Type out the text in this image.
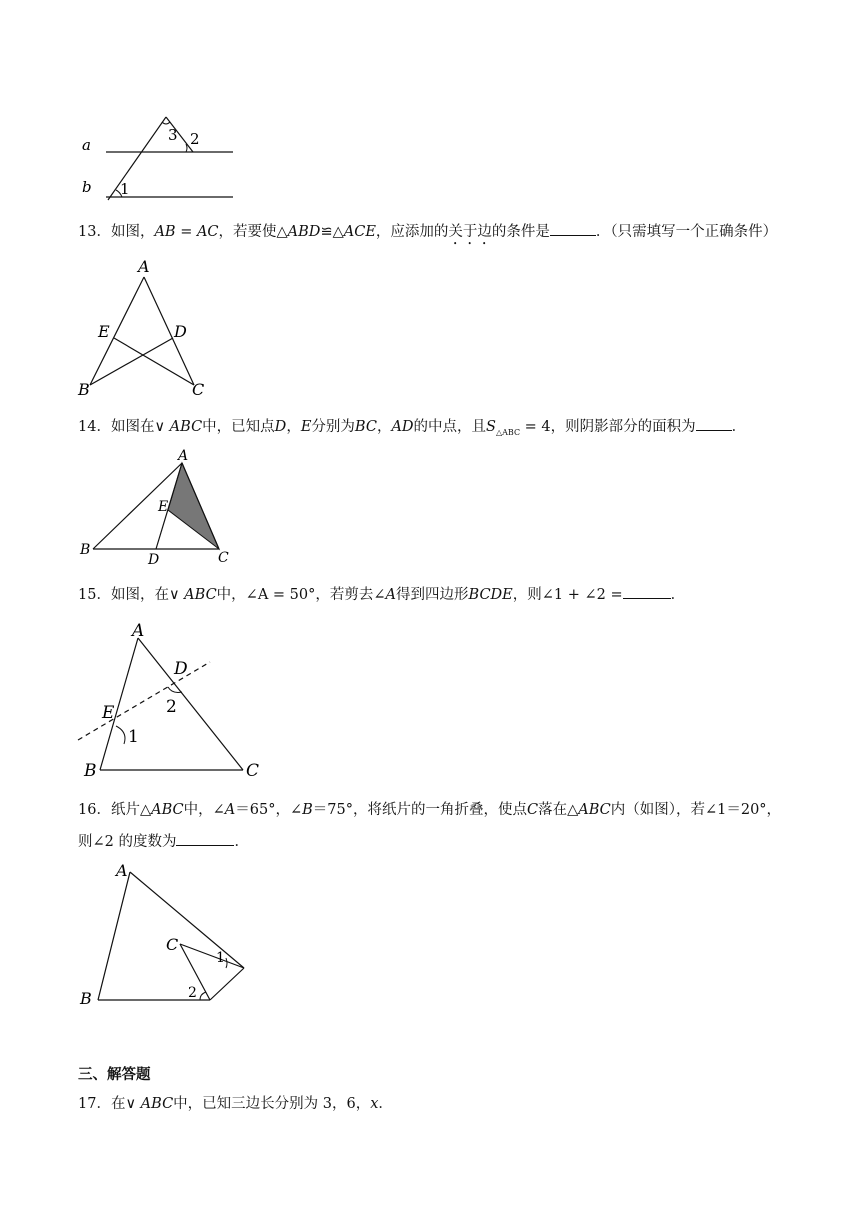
a
b 1
2
3
13．如图，AB = AC，若要使△ABD≌△ACE，应添加的关于边的条件是	．（只需填写一个正确条件）
A
E	D
B	C
14．如图在∨ ABC中，已知点D，E分别为BC，AD的中点，且$S_{\triangle ABC} = 4$，则阴影部分的面积为 ．
A
E
B
D	C
15．如图，在∨ ABC中，∠A = 50°，若剪去∠A得到四边形BCDE，则∠1 + ∠2 =	．
A
D
E	2
1
B	C
16．纸片△ABC中，∠A＝65°，∠B＝75°，将纸片的一角折叠，使点C落在△ABC内（如图），若∠1＝20°，
则∠2 的度数为	．
A
C
1
B	2
三、解答题
17．在∨ ABC中，已知三边长分别为 3，6，x．
